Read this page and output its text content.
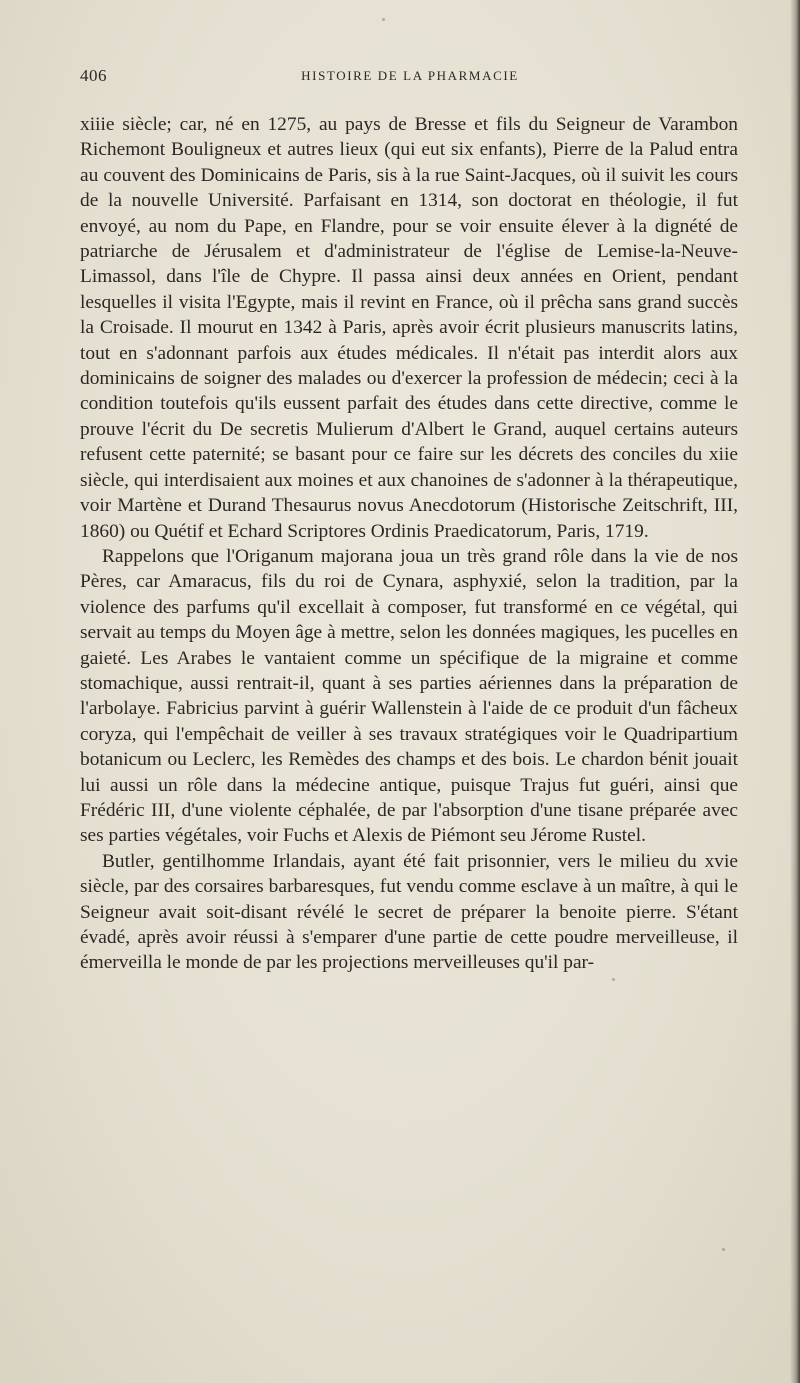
406	HISTOIRE DE LA PHARMACIE

xiiie siècle; car, né en 1275, au pays de Bresse et fils du Seigneur de Varambon Richemont Bouligneux et autres lieux (qui eut six enfants), Pierre de la Palud entra au couvent des Dominicains de Paris, sis à la rue Saint-Jacques, où il suivit les cours de la nouvelle Université. Parfaisant en 1314, son doctorat en théologie, il fut envoyé, au nom du Pape, en Flandre, pour se voir ensuite élever à la dignété de patriarche de Jérusalem et d'administrateur de l'église de Lemise-la-Neuve-Limassol, dans l'île de Chypre. Il passa ainsi deux années en Orient, pendant lesquelles il visita l'Egypte, mais il revint en France, où il prêcha sans grand succès la Croisade. Il mourut en 1342 à Paris, après avoir écrit plusieurs manuscrits latins, tout en s'adonnant parfois aux études médicales. Il n'était pas interdit alors aux dominicains de soigner des malades ou d'exercer la profession de médecin; ceci à la condition toutefois qu'ils eussent parfait des études dans cette directive, comme le prouve l'écrit du De secretis Mulierum d'Albert le Grand, auquel certains auteurs refusent cette paternité; se basant pour ce faire sur les décrets des conciles du xiie siècle, qui interdisaient aux moines et aux chanoines de s'adonner à la thérapeutique, voir Martène et Durand Thesaurus novus Anecdotorum (Historische Zeitschrift, III, 1860) ou Quétif et Echard Scriptores Ordinis Praedicatorum, Paris, 1719.

Rappelons que l'Origanum majorana joua un très grand rôle dans la vie de nos Pères, car Amaracus, fils du roi de Cynara, asphyxié, selon la tradition, par la violence des parfums qu'il excellait à composer, fut transformé en ce végétal, qui servait au temps du Moyen âge à mettre, selon les données magiques, les pucelles en gaieté. Les Arabes le vantaient comme un spécifique de la migraine et comme stomachique, aussi rentrait-il, quant à ses parties aériennes dans la préparation de l'arbolaye. Fabricius parvint à guérir Wallenstein à l'aide de ce produit d'un fâcheux coryza, qui l'empêchait de veiller à ses travaux stratégiques voir le Quadripartium botanicum ou Leclerc, les Remèdes des champs et des bois. Le chardon bénit jouait lui aussi un rôle dans la médecine antique, puisque Trajus fut guéri, ainsi que Frédéric III, d'une violente céphalée, de par l'absorption d'une tisane préparée avec ses parties végétales, voir Fuchs et Alexis de Piémont seu Jérome Rustel.

Butler, gentilhomme Irlandais, ayant été fait prisonnier, vers le milieu du xvie siècle, par des corsaires barbaresques, fut vendu comme esclave à un maître, à qui le Seigneur avait soit-disant révélé le secret de préparer la benoite pierre. S'étant évadé, après avoir réussi à s'emparer d'une partie de cette poudre merveilleuse, il émerveilla le monde de par les projections merveilleuses qu'il par-
